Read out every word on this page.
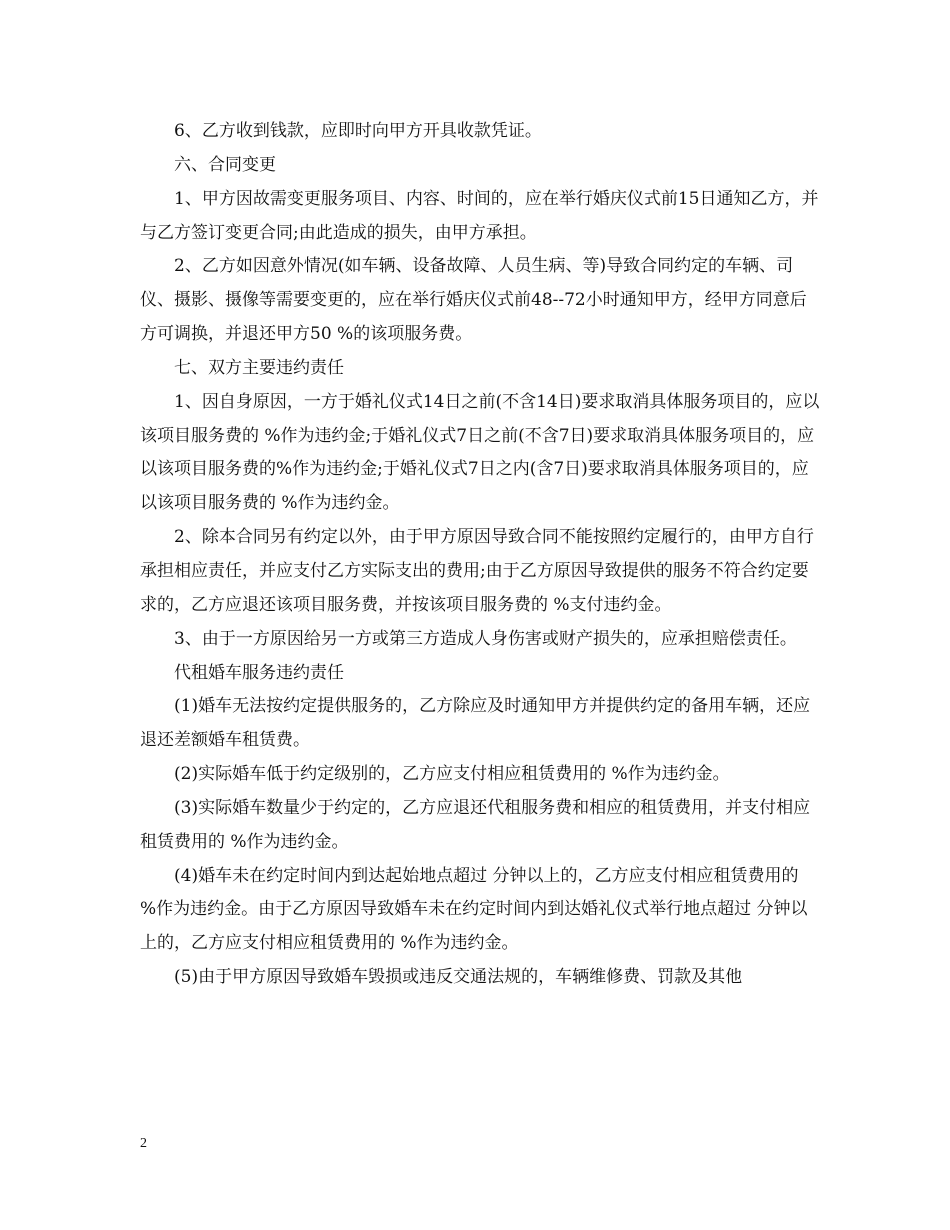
6、乙方收到钱款，应即时向甲方开具收款凭证。

六、合同变更

1、甲方因故需变更服务项目、内容、时间的，应在举行婚庆仪式前15日通知乙方，并与乙方签订变更合同;由此造成的损失，由甲方承担。

2、乙方如因意外情况(如车辆、设备故障、人员生病、等)导致合同约定的车辆、司仪、摄影、摄像等需要变更的，应在举行婚庆仪式前48--72小时通知甲方，经甲方同意后方可调换，并退还甲方50 %的该项服务费。

七、双方主要违约责任

1、因自身原因，一方于婚礼仪式14日之前(不含14日)要求取消具体服务项目的，应以该项目服务费的 %作为违约金;于婚礼仪式7日之前(不含7日)要求取消具体服务项目的，应以该项目服务费的%作为违约金;于婚礼仪式7日之内(含7日)要求取消具体服务项目的，应以该项目服务费的 %作为违约金。

2、除本合同另有约定以外，由于甲方原因导致合同不能按照约定履行的，由甲方自行承担相应责任，并应支付乙方实际支出的费用;由于乙方原因导致提供的服务不符合约定要求的，乙方应退还该项目服务费，并按该项目服务费的 %支付违约金。

3、由于一方原因给另一方或第三方造成人身伤害或财产损失的，应承担赔偿责任。

代租婚车服务违约责任

(1)婚车无法按约定提供服务的，乙方除应及时通知甲方并提供约定的备用车辆，还应退还差额婚车租赁费。

(2)实际婚车低于约定级别的，乙方应支付相应租赁费用的 %作为违约金。

(3)实际婚车数量少于约定的，乙方应退还代租服务费和相应的租赁费用，并支付相应租赁费用的 %作为违约金。

(4)婚车未在约定时间内到达起始地点超过 分钟以上的，乙方应支付相应租赁费用的 %作为违约金。由于乙方原因导致婚车未在约定时间内到达婚礼仪式举行地点超过 分钟以上的，乙方应支付相应租赁费用的 %作为违约金。

(5)由于甲方原因导致婚车毁损或违反交通法规的，车辆维修费、罚款及其他

2
